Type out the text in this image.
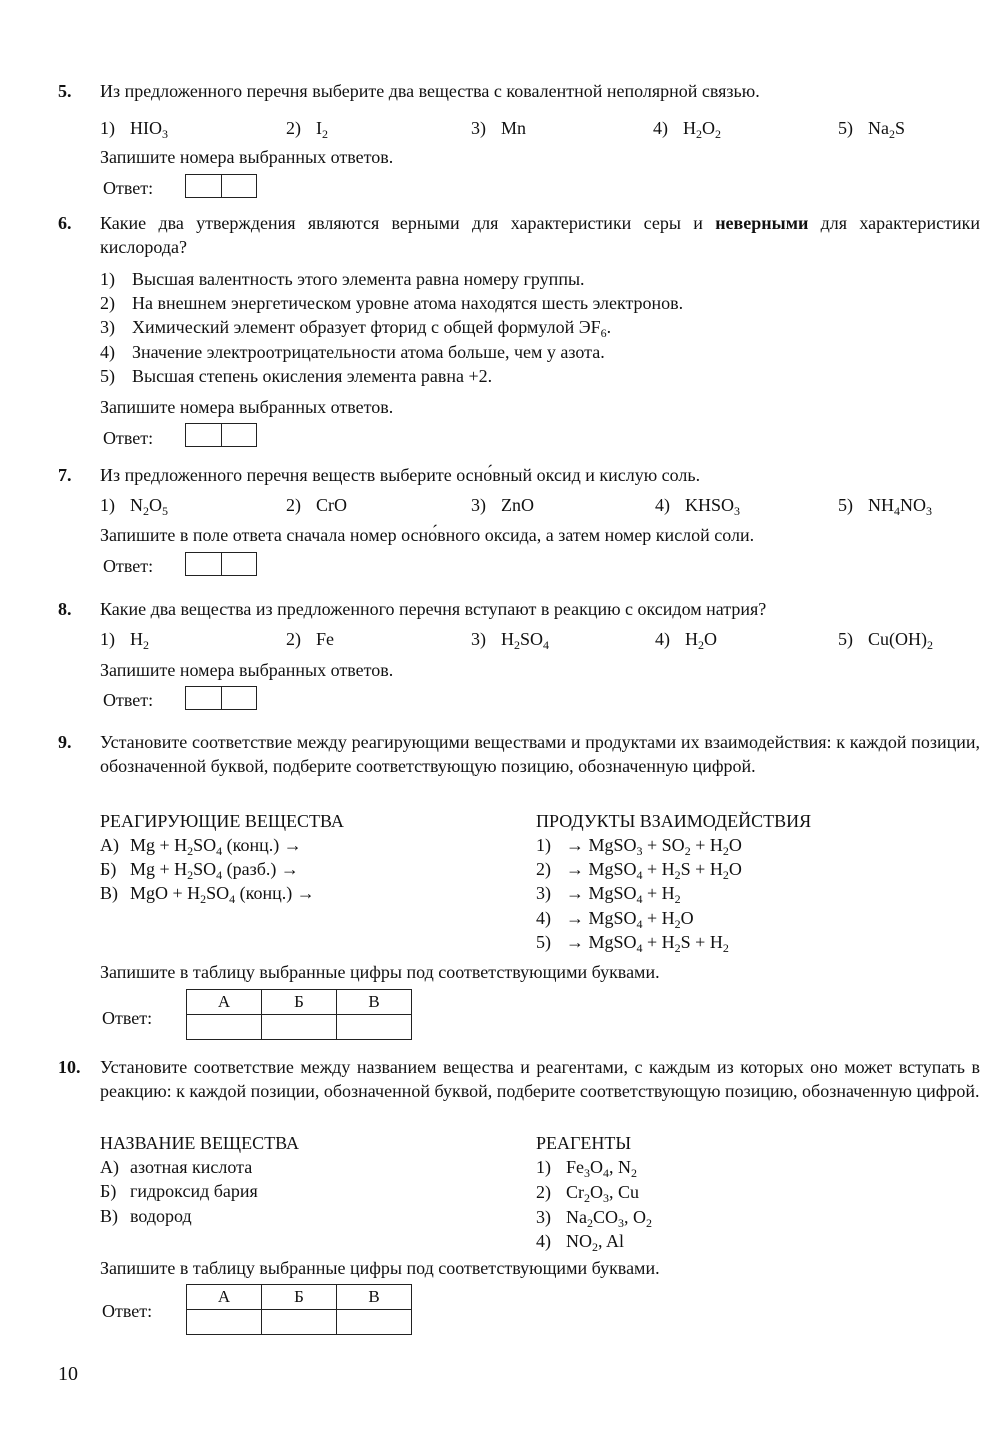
5. Из предложенного перечня выберите два вещества с ковалентной неполярной связью.
1) $HIO_3$	2) $I_2$	3) Mn	4) $H_2O_2$	5) $Na_2S$
Запишите номера выбранных ответов.
Ответ:
6. Какие два утверждения являются верными для характеристики серы и неверными для характеристики кислорода?
1) Высшая валентность этого элемента равна номеру группы.
2) На внешнем энергетическом уровне атома находятся шесть электронов.
3) Химический элемент образует фторид с общей формулой $ЭF_6$.
4) Значение электроотрицательности атома больше, чем у азота.
5) Высшая степень окисления элемента равна +2.
Запишите номера выбранных ответов.
Ответ:
7. Из предложенного перечня веществ выберите осно́вный оксид и кислую соль.
1) $N_2O_5$	2) CrO	3) ZnO	4) $KHSO_3$	5) $NH_4NO_3$
Запишите в поле ответа сначала номер осно́вного оксида, а затем номер кислой соли.
Ответ:
8. Какие два вещества из предложенного перечня вступают в реакцию с оксидом натрия?
1) $H_2$	2) Fe	3) $H_2SO_4$	4) $H_2O$	5) $Cu(OH)_2$
Запишите номера выбранных ответов.
Ответ:
9. Установите соответствие между реагирующими веществами и продуктами их взаимодействия: к каждой позиции, обозначенной буквой, подберите соответствующую позицию, обозначенную цифрой.
РЕАГИРУЮЩИЕ ВЕЩЕСТВА	ПРОДУКТЫ ВЗАИМОДЕЙСТВИЯ
А) $Mg + H_2SO_4$ (конц.) →
Б) $Mg + H_2SO_4$ (разб.) →
В) MgO + $H_2SO_4$ (конц.) →
1) → MgSO$_3$ + $SO_2 + H_2O$
2) → MgSO$_4$ + $H_2S + H_2O$
3) → MgSO$_4$ + $H_2$
4) → MgSO$_4$ + $H_2O$
5) → MgSO$_4$ + $H_2S + H_2$
Запишите в таблицу выбранные цифры под соответствующими буквами.
Ответ:
А	Б	В

10. Установите соответствие между названием вещества и реагентами, с каждым из которых оно может вступать в реакцию: к каждой позиции, обозначенной буквой, подберите соответствующую позицию, обозначенную цифрой.
НАЗВАНИЕ ВЕЩЕСТВА	РЕАГЕНТЫ
А) азотная кислота
Б) гидроксид бария
В) водород
1) $Fe_3O_4$, $N_2$
2) $Cr_2O_3$, Cu
3) $Na_2CO_3$, $O_2$
4) $NO_2$, Al
Запишите в таблицу выбранные цифры под соответствующими буквами.
Ответ:
А	Б	В

10
